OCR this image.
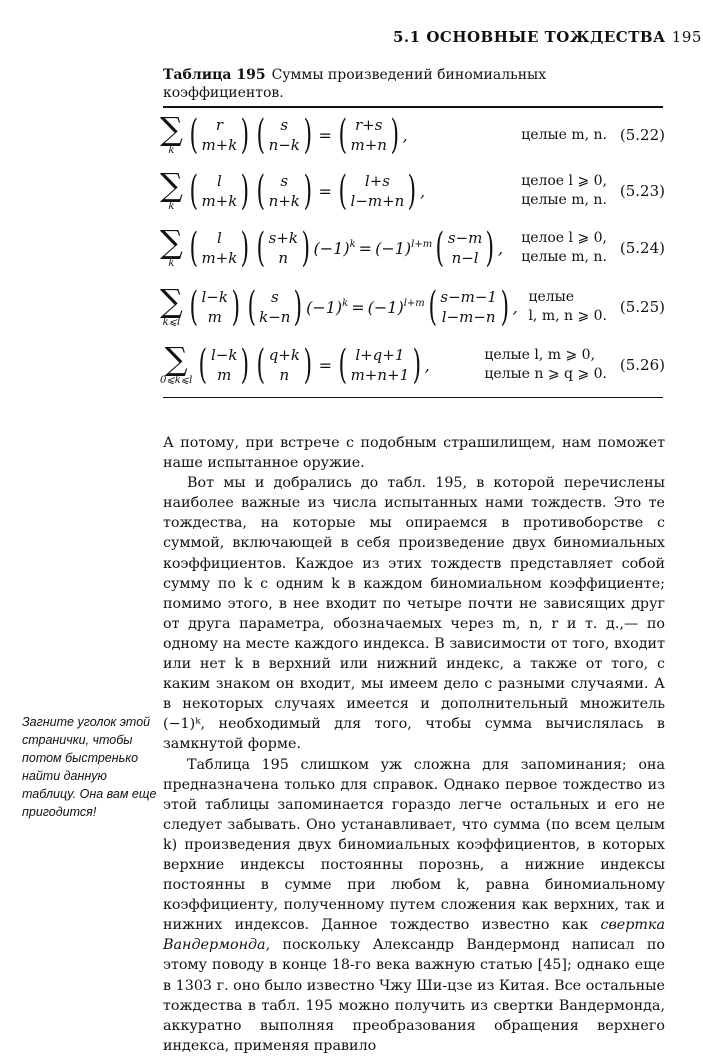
5.1 ОСНОВНЫЕ ТОЖДЕСТВА 195
Таблица 195 Суммы произведений биномиальных коэффициентов.
∑
k ( r
m+k ) ( s
n−k ) = ( r+s
m+n ) ,	целые m, n. (5.22)
∑
k ( l
m+k ) ( s
n+k ) = ( l+s
l−m+n ) ,
целое l ⩾ 0,
целые m, n. (5.23)
∑
k ( l
m+k ) ( s+k
n ) $(-1)^k = (-1)^{l+m}$ ( s−m
n−l ) ,
целое l ⩾ 0,
целые m, n. (5.24)
∑
k⩽l ( l−k
m ) ( s
k−n ) $(-1)^k = (-1)^{l+m}$ ( s−m−1
l−m−n ) ,
целые
l, m, n ⩾ 0. (5.25)
∑
0⩽k⩽l ( l−k
m ) ( q+k
n ) = ( l+q+1
m+n+1 ) ,
целые l, m ⩾ 0,
целые n ⩾ q ⩾ 0. (5.26)
Загните уголок этой странички, чтобы потом быстренько найти данную таблицу. Она вам еще пригодится!

А потому, при встрече с подобным страшилищем, нам поможет наше испытанное оружие.

Вот мы и добрались до табл. 195, в которой перечислены наиболее важные из числа испытанных нами тождеств. Это те тождества, на которые мы опираемся в противоборстве с суммой, включающей в себя произведение двух биномиальных коэффициентов. Каждое из этих тождеств представляет собой сумму по k с одним k в каждом биномиальном коэффициенте; помимо этого, в нее входит по четыре почти не зависящих друг от друга параметра, обозначаемых через m, n, r и т. д.,— по одному на месте каждого индекса. В зависимости от того, входит или нет k в верхний или нижний индекс, а также от того, с каким знаком он входит, мы имеем дело с разными случаями. А в некоторых случаях имеется и дополнительный множитель (−1)ᵏ, необходимый для того, чтобы сумма вычислялась в замкнутой форме.

Таблица 195 слишком уж сложна для запоминания; она предназначена только для справок. Однако первое тождество из этой таблицы запоминается гораздо легче остальных и его не следует забывать. Оно устанавливает, что сумма (по всем целым k) произведения двух биномиальных коэффициентов, в которых верхние индексы постоянны порознь, а нижние индексы постоянны в сумме при любом k, равна биномиальному коэффициенту, полученному путем сложения как верхних, так и нижних индексов. Данное тождество известно как свертка Вандермонда, поскольку Александр Вандермонд написал по этому поводу в конце 18-го века важную статью [45]; однако еще в 1303 г. оно было известно Чжу Ши-цзе из Китая. Все остальные тождества в табл. 195 можно получить из свертки Вандермонда, аккуратно выполняя преобразования обращения верхнего индекса, применяя правило
